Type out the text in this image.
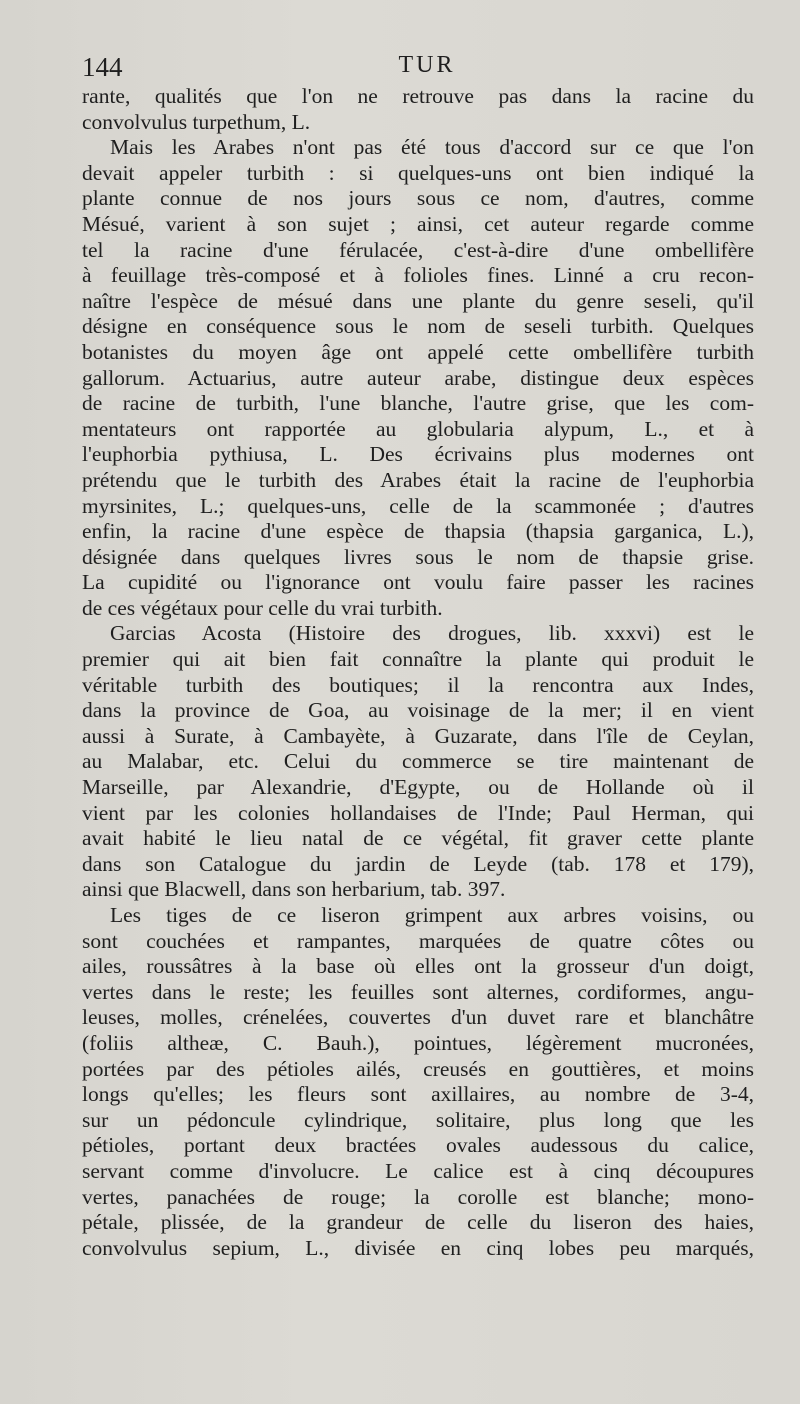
144	TUR
rante, qualités que l'on ne retrouve pas dans la racine du
convolvulus turpethum, L.
Mais les Arabes n'ont pas été tous d'accord sur ce que l'on
devait appeler turbith : si quelques-uns ont bien indiqué la
plante connue de nos jours sous ce nom, d'autres, comme
Mésué, varient à son sujet ; ainsi, cet auteur regarde comme
tel la racine d'une férulacée, c'est-à-dire d'une ombellifère
à feuillage très-composé et à folioles fines. Linné a cru recon-
naître l'espèce de mésué dans une plante du genre seseli, qu'il
désigne en conséquence sous le nom de seseli turbith. Quelques
botanistes du moyen âge ont appelé cette ombellifère turbith
gallorum. Actuarius, autre auteur arabe, distingue deux espèces
de racine de turbith, l'une blanche, l'autre grise, que les com-
mentateurs ont rapportée au globularia alypum, L., et à
l'euphorbia pythiusa, L. Des écrivains plus modernes ont
prétendu que le turbith des Arabes était la racine de l'euphorbia
myrsinites, L.; quelques-uns, celle de la scammonée ; d'autres
enfin, la racine d'une espèce de thapsia (thapsia garganica, L.),
désignée dans quelques livres sous le nom de thapsie grise.
La cupidité ou l'ignorance ont voulu faire passer les racines
de ces végétaux pour celle du vrai turbith.
Garcias Acosta (Histoire des drogues, lib. xxxvi) est le
premier qui ait bien fait connaître la plante qui produit le
véritable turbith des boutiques; il la rencontra aux Indes,
dans la province de Goa, au voisinage de la mer; il en vient
aussi à Surate, à Cambayète, à Guzarate, dans l'île de Ceylan,
au Malabar, etc. Celui du commerce se tire maintenant de
Marseille, par Alexandrie, d'Egypte, ou de Hollande où il
vient par les colonies hollandaises de l'Inde; Paul Herman, qui
avait habité le lieu natal de ce végétal, fit graver cette plante
dans son Catalogue du jardin de Leyde (tab. 178 et 179),
ainsi que Blacwell, dans son herbarium, tab. 397.
Les tiges de ce liseron grimpent aux arbres voisins, ou
sont couchées et rampantes, marquées de quatre côtes ou
ailes, roussâtres à la base où elles ont la grosseur d'un doigt,
vertes dans le reste; les feuilles sont alternes, cordiformes, angu-
leuses, molles, crénelées, couvertes d'un duvet rare et blanchâtre
(foliis altheæ, C. Bauh.), pointues, légèrement mucronées,
portées par des pétioles ailés, creusés en gouttières, et moins
longs qu'elles; les fleurs sont axillaires, au nombre de 3-4,
sur un pédoncule cylindrique, solitaire, plus long que les
pétioles, portant deux bractées ovales audessous du calice,
servant comme d'involucre. Le calice est à cinq découpures
vertes, panachées de rouge; la corolle est blanche; mono-
pétale, plissée, de la grandeur de celle du liseron des haies,
convolvulus sepium, L., divisée en cinq lobes peu marqués,
